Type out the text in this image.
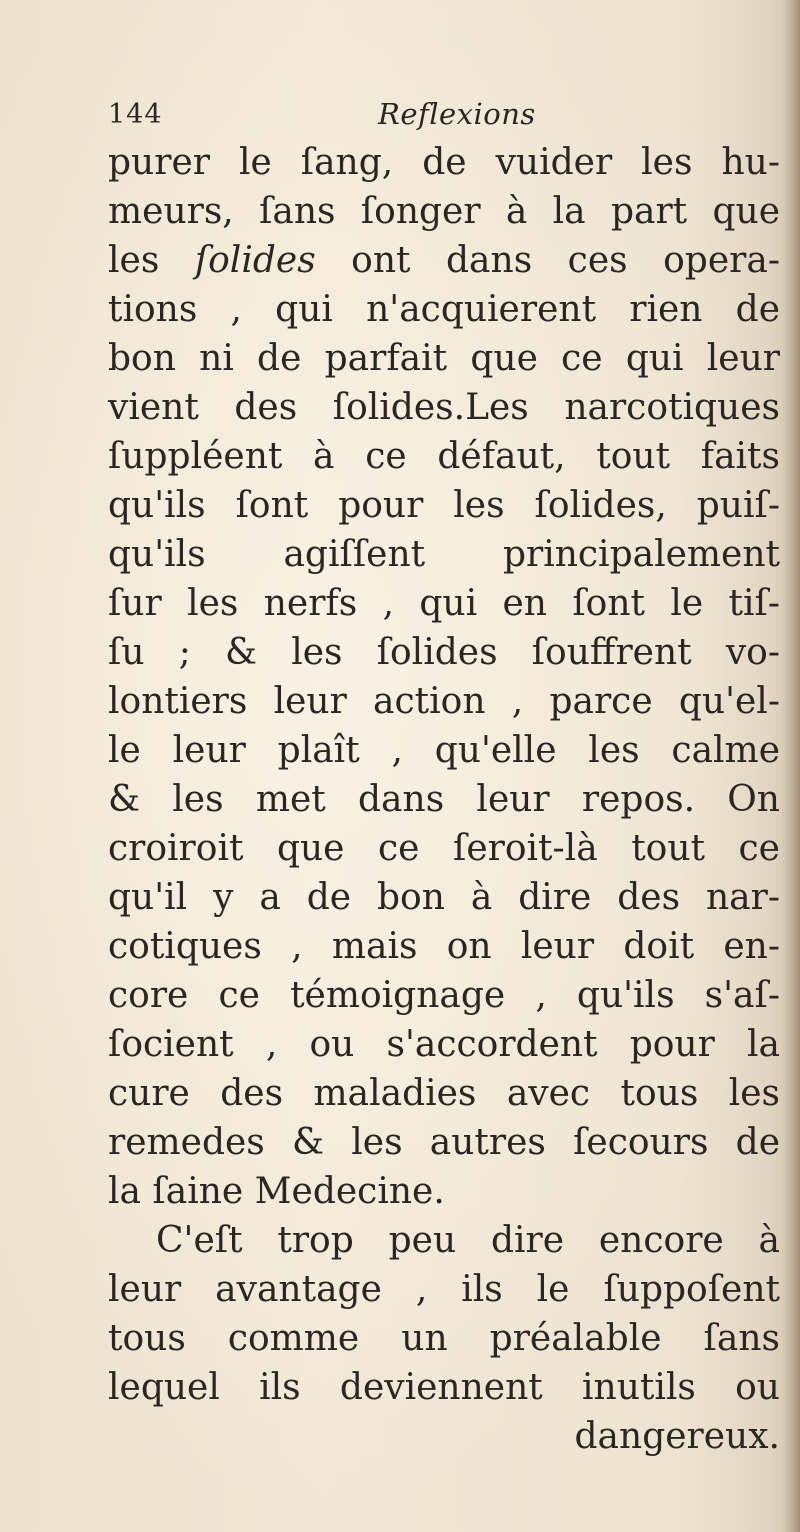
144	Reflexions
purer le ſang, de vuider les hu-
meurs, ſans ſonger à la part que
les ſolides ont dans ces opera-
tions , qui n'acquierent rien de
bon ni de parfait que ce qui leur
vient des ſolides.Les narcotiques
ſuppléent à ce défaut, tout faits
qu'ils ſont pour les ſolides, puiſ-
qu'ils agiſſent principalement
ſur les nerfs , qui en ſont le tiſ-
ſu ; & les ſolides ſouffrent vo-
lontiers leur action , parce qu'el-
le leur plaît , qu'elle les calme
& les met dans leur repos. On
croiroit que ce ſeroit-là tout ce
qu'il y a de bon à dire des nar-
cotiques , mais on leur doit en-
core ce témoignage , qu'ils s'aſ-
ſocient , ou s'accordent pour la
cure des maladies avec tous les
remedes & les autres ſecours de
la ſaine Medecine.
C'eſt trop peu dire encore à
leur avantage , ils le ſuppoſent
tous comme un préalable ſans
lequel ils deviennent inutils ou
dangereux.
